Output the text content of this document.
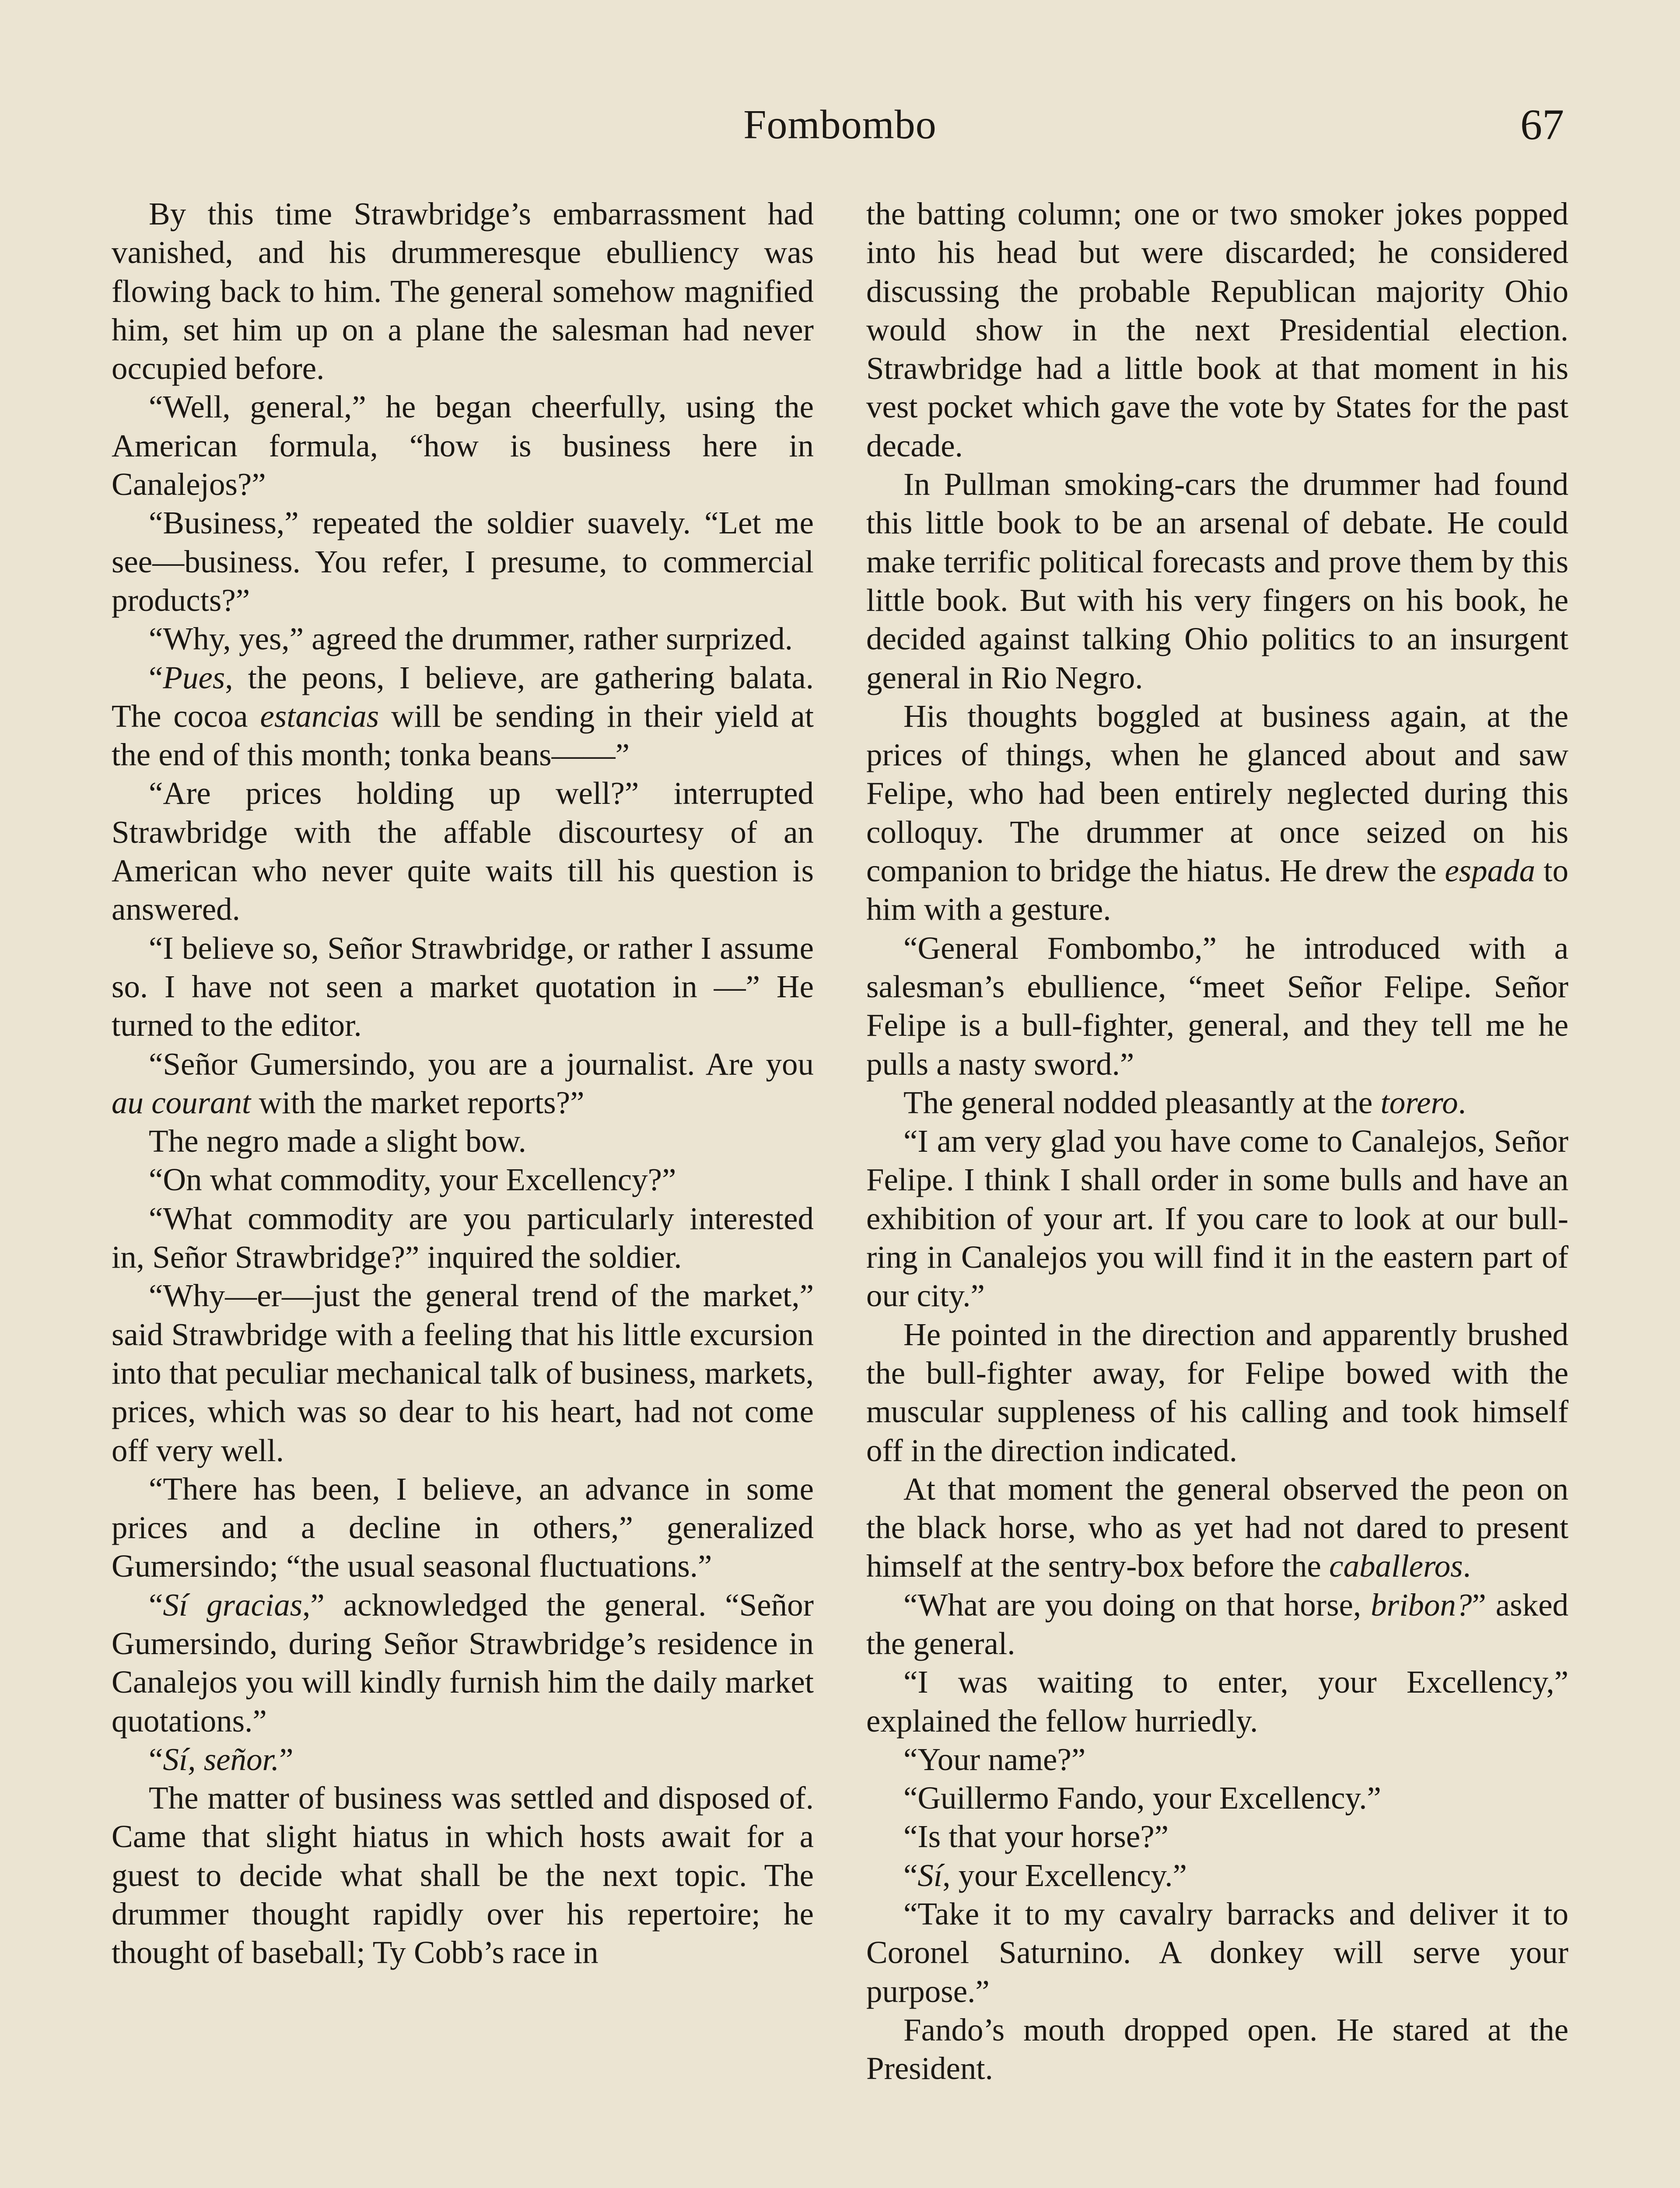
Fombombo	67

By this time Strawbridge’s embarrassment had vanished, and his drummeresque ebulliency was flowing back to him. The general somehow magnified him, set him up on a plane the salesman had never occupied before.

“Well, general,” he began cheerfully, using the American formula, “how is business here in Canalejos?”

“Business,” repeated the soldier suavely. “Let me see—business. You refer, I presume, to commercial products?”

“Why, yes,” agreed the drummer, rather surprized.

“Pues, the peons, I believe, are gathering balata. The cocoa estancias will be sending in their yield at the end of this month; tonka beans——”

“Are prices holding up well?” interrupted Strawbridge with the affable discourtesy of an American who never quite waits till his question is answered.

“I believe so, Señor Strawbridge, or rather I assume so. I have not seen a market quotation in —” He turned to the editor.

“Señor Gumersindo, you are a journalist. Are you au courant with the market reports?”

The negro made a slight bow.

“On what commodity, your Excellency?”

“What commodity are you particularly interested in, Señor Strawbridge?” inquired the soldier.

“Why—er—just the general trend of the market,” said Strawbridge with a feeling that his little excursion into that peculiar mechanical talk of business, markets, prices, which was so dear to his heart, had not come off very well.

“There has been, I believe, an advance in some prices and a decline in others,” generalized Gumersindo; “the usual seasonal fluctuations.”

“Sí gracias,” acknowledged the general. “Señor Gumersindo, during Señor Strawbridge’s residence in Canalejos you will kindly furnish him the daily market quotations.”

“Sí, señor.”

The matter of business was settled and disposed of. Came that slight hiatus in which hosts await for a guest to decide what shall be the next topic. The drummer thought rapidly over his repertoire; he thought of baseball; Ty Cobb’s race in

the batting column; one or two smoker jokes popped into his head but were discarded; he considered discussing the probable Republican majority Ohio would show in the next Presidential election. Strawbridge had a little book at that moment in his vest pocket which gave the vote by States for the past decade.

In Pullman smoking-cars the drummer had found this little book to be an arsenal of debate. He could make terrific political forecasts and prove them by this little book. But with his very fingers on his book, he decided against talking Ohio politics to an insurgent general in Rio Negro.

His thoughts boggled at business again, at the prices of things, when he glanced about and saw Felipe, who had been entirely neglected during this colloquy. The drummer at once seized on his companion to bridge the hiatus. He drew the espada to him with a gesture.

“General Fombombo,” he introduced with a salesman’s ebullience, “meet Señor Felipe. Señor Felipe is a bull-fighter, general, and they tell me he pulls a nasty sword.”

The general nodded pleasantly at the torero.

“I am very glad you have come to Canalejos, Señor Felipe. I think I shall order in some bulls and have an exhibition of your art. If you care to look at our bull-ring in Canalejos you will find it in the eastern part of our city.”

He pointed in the direction and apparently brushed the bull-fighter away, for Felipe bowed with the muscular suppleness of his calling and took himself off in the direction indicated.

At that moment the general observed the peon on the black horse, who as yet had not dared to present himself at the sentry-box before the caballeros.

“What are you doing on that horse, bribon?” asked the general.

“I was waiting to enter, your Excellency,” explained the fellow hurriedly.

“Your name?”

“Guillermo Fando, your Excellency.”

“Is that your horse?”

“Sí, your Excellency.”

“Take it to my cavalry barracks and deliver it to Coronel Saturnino. A donkey will serve your purpose.”

Fando’s mouth dropped open. He stared at the President.
